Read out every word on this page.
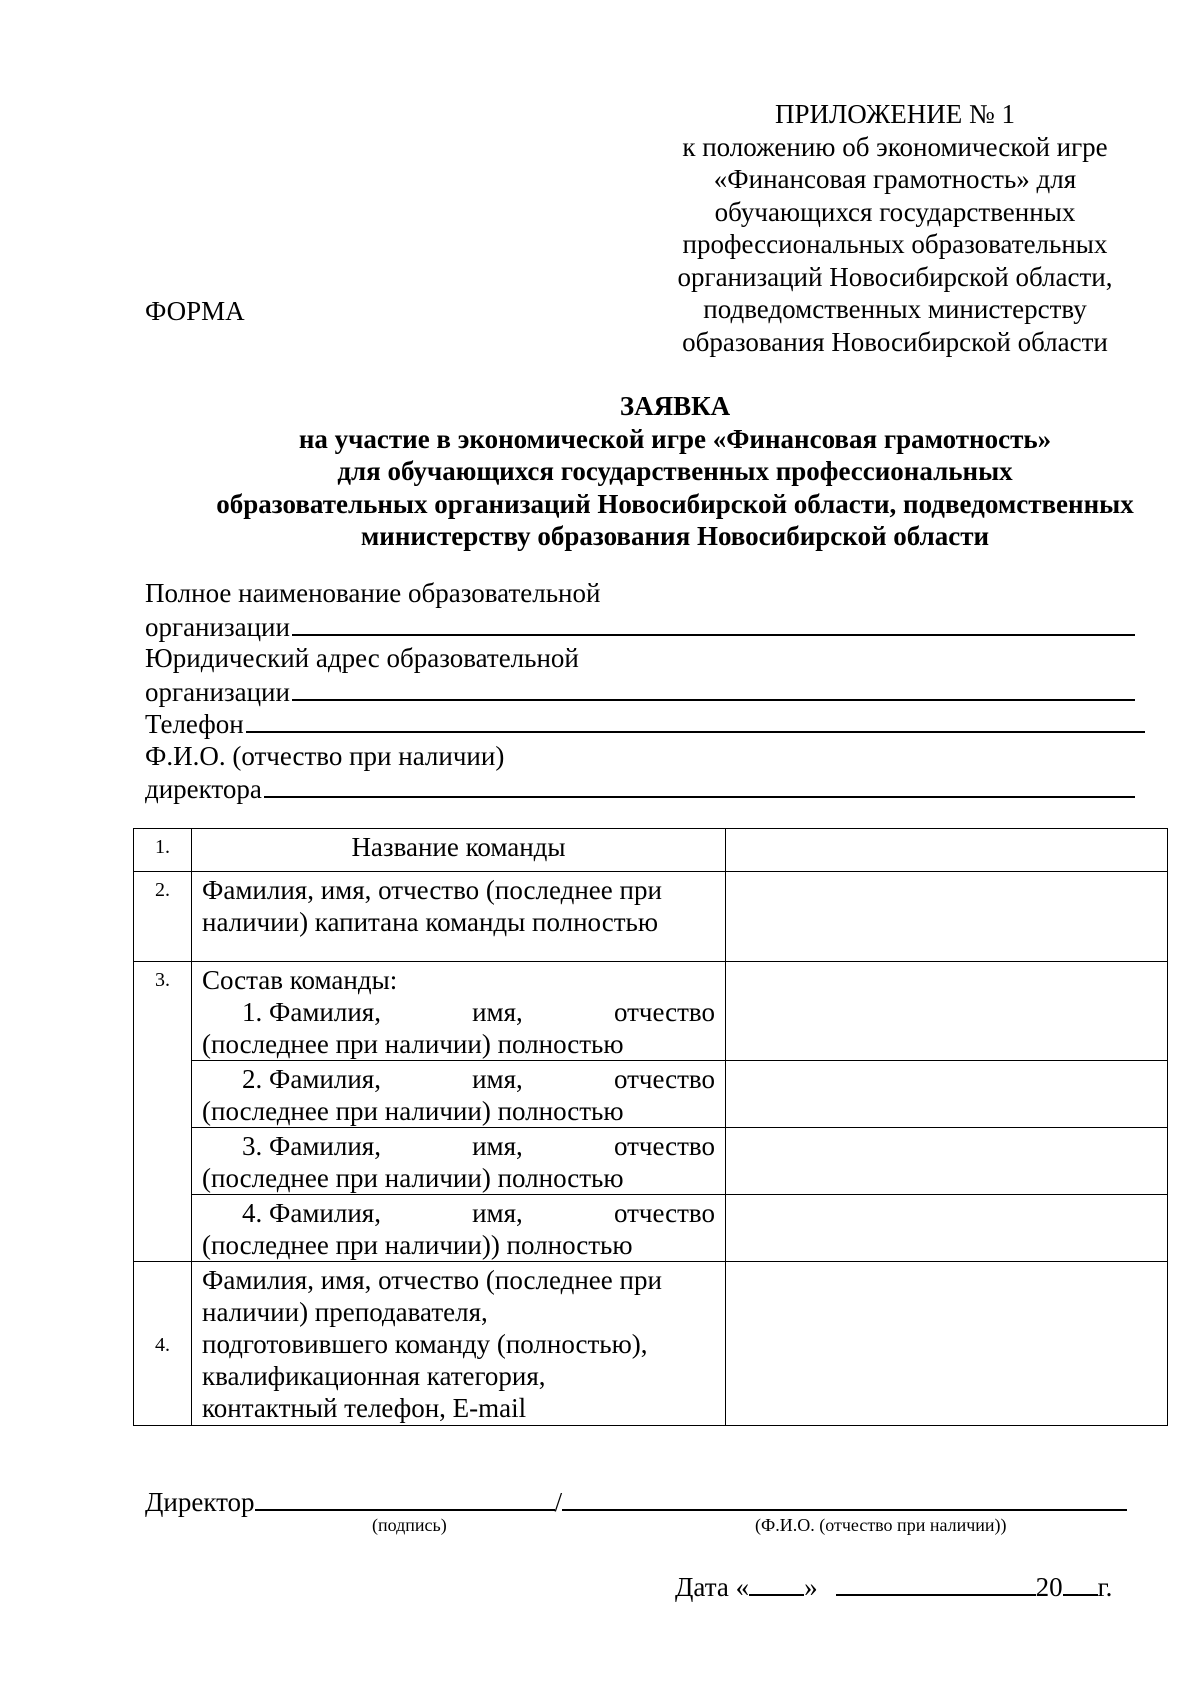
ПРИЛОЖЕНИЕ № 1
к положению об экономической игре
«Финансовая грамотность» для
обучающихся государственных
профессиональных образовательных
организаций Новосибирской области,
подведомственных министерству
образования Новосибирской области
ФОРМА
ЗАЯВКА
на участие в экономической игре «Финансовая грамотность»
для обучающихся государственных профессиональных
образовательных организаций Новосибирской области, подведомственных
министерству образования Новосибирской области
Полное наименование образовательной
организации
Юридический адрес образовательной
организации
Телефон
Ф.И.О. (отчество при наличии)
директора
1.	Название команды	
2.	Фамилия, имя, отчество (последнее при наличии) капитана команды полностью	
3.	Состав команды:
1. Фамилия, имя, отчество
(последнее при наличии) полностью	

	2. Фамилия, имя, отчество
(последнее при наличии) полностью	

	3. Фамилия, имя, отчество
(последнее при наличии) полностью	

	4. Фамилия, имя, отчество
(последнее при наличии)) полностью	

4.	Фамилия, имя, отчество (последнее при
наличии) преподавателя,
подготовившего команду (полностью),
квалификационная категория,
контактный телефон, E-mail	

Директор	/
(подпись)	(Ф.И.О. (отчество при наличии))
Дата « »	20 г.
